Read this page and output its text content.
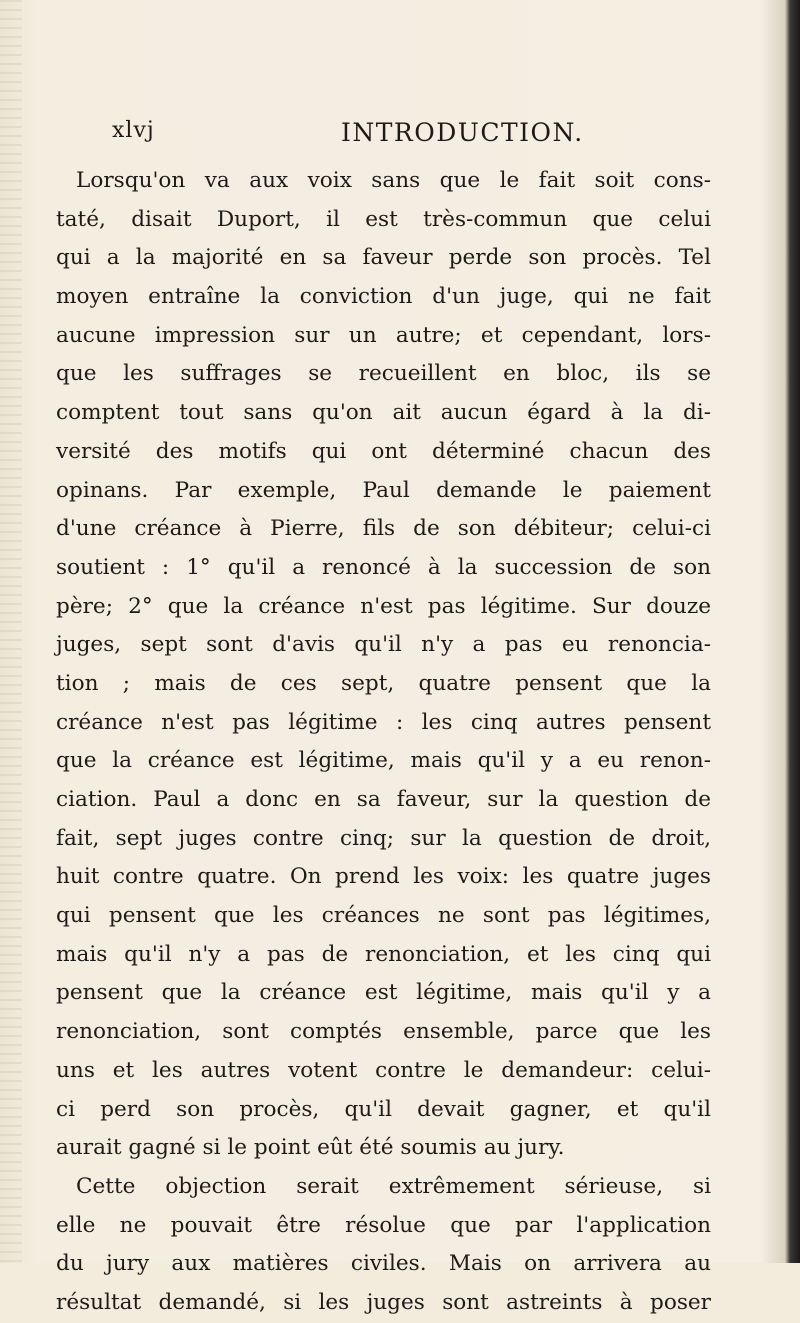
xlvj	INTRODUCTION.
Lorsqu'on va aux voix sans que le fait soit cons-
taté, disait Duport, il est très-commun que celui
qui a la majorité en sa faveur perde son procès. Tel
moyen entraîne la conviction d'un juge, qui ne fait
aucune impression sur un autre; et cependant, lors-
que les suffrages se recueillent en bloc, ils se
comptent tout sans qu'on ait aucun égard à la di-
versité des motifs qui ont déterminé chacun des
opinans. Par exemple, Paul demande le paiement
d'une créance à Pierre, fils de son débiteur; celui-ci
soutient : 1° qu'il a renoncé à la succession de son
père; 2° que la créance n'est pas légitime. Sur douze
juges, sept sont d'avis qu'il n'y a pas eu renoncia-
tion ; mais de ces sept, quatre pensent que la
créance n'est pas légitime : les cinq autres pensent
que la créance est légitime, mais qu'il y a eu renon-
ciation. Paul a donc en sa faveur, sur la question de
fait, sept juges contre cinq; sur la question de droit,
huit contre quatre. On prend les voix: les quatre juges
qui pensent que les créances ne sont pas légitimes,
mais qu'il n'y a pas de renonciation, et les cinq qui
pensent que la créance est légitime, mais qu'il y a
renonciation, sont comptés ensemble, parce que les
uns et les autres votent contre le demandeur: celui-
ci perd son procès, qu'il devait gagner, et qu'il
aurait gagné si le point eût été soumis au jury.
Cette objection serait extrêmement sérieuse, si
elle ne pouvait être résolue que par l'application
du jury aux matières civiles. Mais on arrivera au
résultat demandé, si les juges sont astreints à poser
